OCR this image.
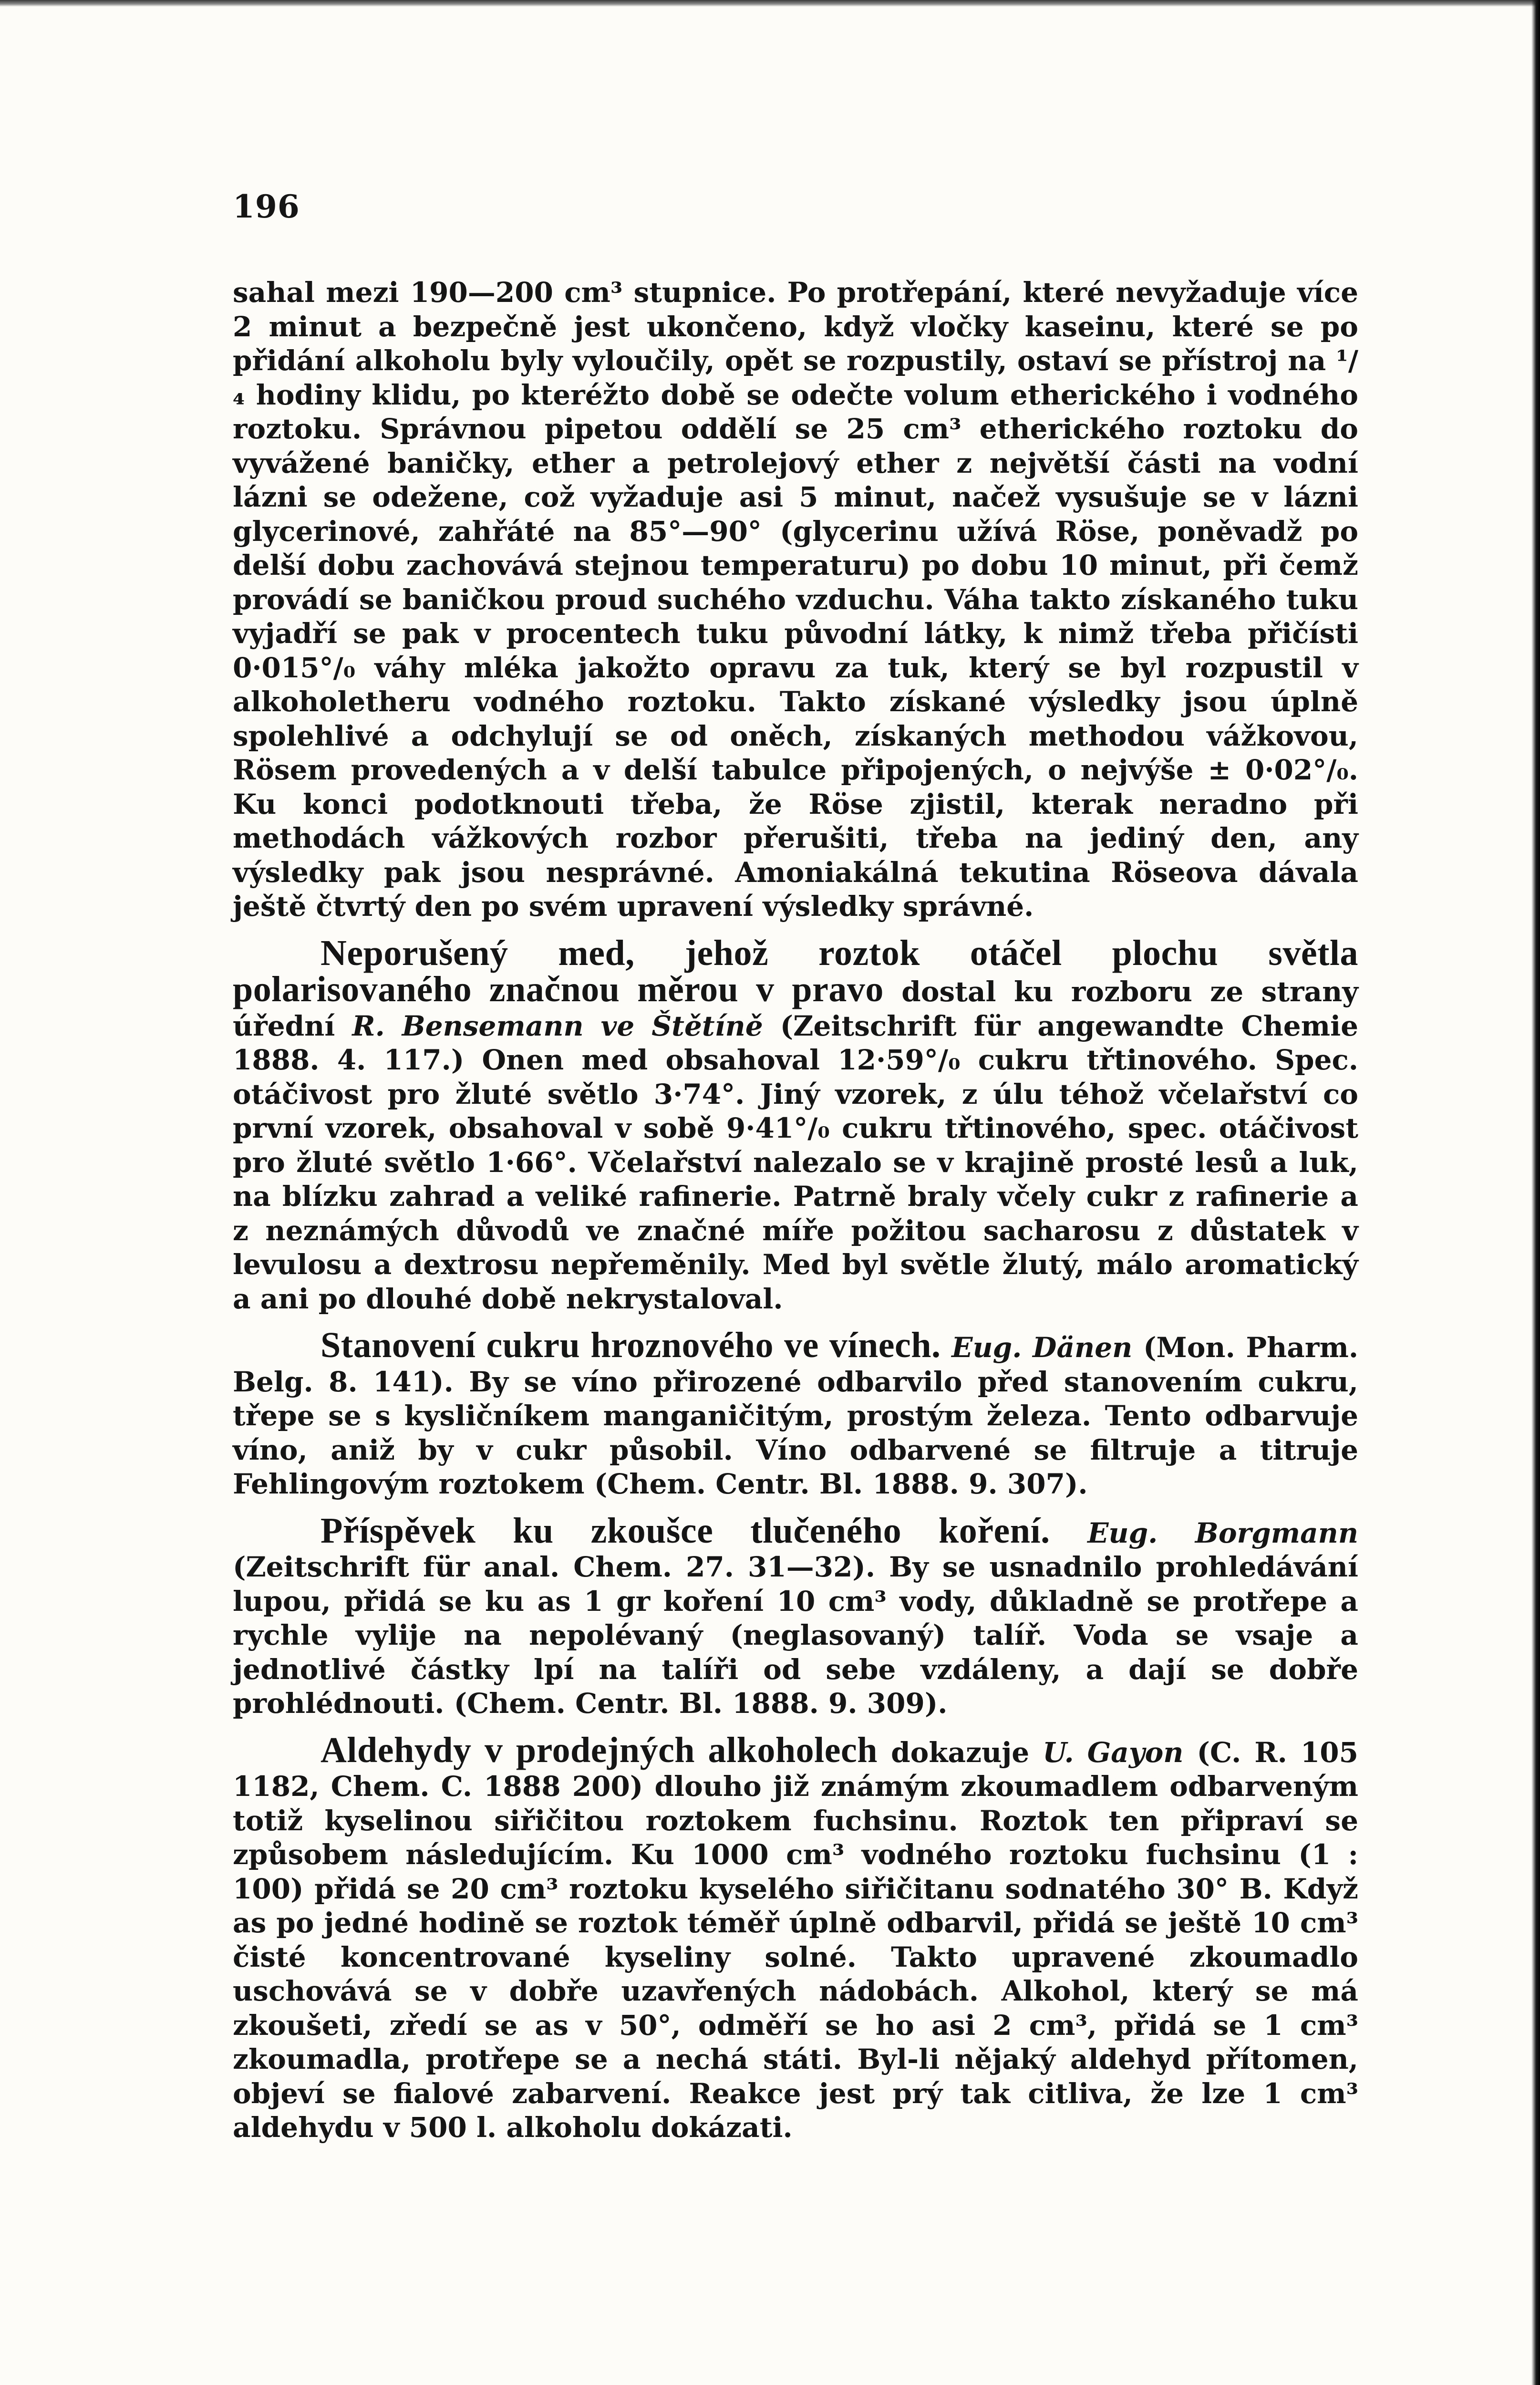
196

sahal mezi 190—200 cm³ stupnice. Po protřepání, které nevyžaduje více 2 minut a bezpečně jest ukončeno, když vločky kaseinu, které se po přidání alkoholu byly vyloučily, opět se rozpustily, ostaví se přístroj na ¹/₄ hodiny klidu, po kteréžto době se odečte volum etherického i vodného roztoku. Správnou pipetou oddělí se 25 cm³ etherického roztoku do vyvážené baničky, ether a petrolejový ether z největší části na vodní lázni se odežene, což vyžaduje asi 5 minut, načež vysušuje se v lázni glycerinové, zahřáté na 85°—90° (glycerinu užívá Röse, poněvadž po delší dobu zachovává stejnou temperaturu) po dobu 10 minut, při čemž provádí se baničkou proud suchého vzduchu. Váha takto získaného tuku vyjadří se pak v procentech tuku původní látky, k nimž třeba přičísti 0·015°/₀ váhy mléka jakožto opravu za tuk, který se byl rozpustil v alkoholetheru vodného roztoku. Takto získané výsledky jsou úplně spolehlivé a odchylují se od oněch, získaných methodou vážkovou, Rösem provedených a v delší tabulce připojených, o nejvýše ± 0·02°/₀. Ku konci podotknouti třeba, že Röse zjistil, kterak neradno při methodách vážkových rozbor přerušiti, třeba na jediný den, any výsledky pak jsou nesprávné. Amoniakálná tekutina Röseova dávala ještě čtvrtý den po svém upravení výsledky správné.

Neporušený med, jehož roztok otáčel plochu světla polarisovaného značnou měrou v pravo dostal ku rozboru ze strany úřední R. Bensemann ve Štětíně (Zeitschrift für angewandte Chemie 1888. 4. 117.) Onen med obsahoval 12·59°/₀ cukru třtinového. Spec. otáčivost pro žluté světlo 3·74°. Jiný vzorek, z úlu téhož včelařství co první vzorek, obsahoval v sobě 9·41°/₀ cukru třtinového, spec. otáčivost pro žluté světlo 1·66°. Včelařství nalezalo se v krajině prosté lesů a luk, na blízku zahrad a veliké rafinerie. Patrně braly včely cukr z rafinerie a z neznámých důvodů ve značné míře požitou sacharosu z důstatek v levulosu a dextrosu nepřeměnily. Med byl světle žlutý, málo aromatický a ani po dlouhé době nekrystaloval.

Stanovení cukru hroznového ve vínech. Eug. Dänen (Mon. Pharm. Belg. 8. 141). By se víno přirozené odbarvilo před stanovením cukru, třepe se s kysličníkem manganičitým, prostým železa. Tento odbarvuje víno, aniž by v cukr působil. Víno odbarvené se filtruje a titruje Fehlingovým roztokem (Chem. Centr. Bl. 1888. 9. 307).

Příspěvek ku zkoušce tlučeného koření. Eug. Borgmann (Zeitschrift für anal. Chem. 27. 31—32). By se usnadnilo prohledávání lupou, přidá se ku as 1 gr koření 10 cm³ vody, důkladně se protřepe a rychle vylije na nepolévaný (neglasovaný) talíř. Voda se vsaje a jednotlivé částky lpí na talíři od sebe vzdáleny, a dají se dobře prohlédnouti. (Chem. Centr. Bl. 1888. 9. 309).

Aldehydy v prodejných alkoholech dokazuje U. Gayon (C. R. 105 1182, Chem. C. 1888 200) dlouho již známým zkoumadlem odbarveným totiž kyselinou siřičitou roztokem fuchsinu. Roztok ten připraví se způsobem následujícím. Ku 1000 cm³ vodného roztoku fuchsinu (1 : 100) přidá se 20 cm³ roztoku kyselého siřičitanu sodnatého 30° B. Když as po jedné hodině se roztok téměř úplně odbarvil, přidá se ještě 10 cm³ čisté koncentrované kyseliny solné. Takto upravené zkoumadlo uschovává se v dobře uzavřených nádobách. Alkohol, který se má zkoušeti, zředí se as v 50°, odměří se ho asi 2 cm³, přidá se 1 cm³ zkoumadla, protřepe se a nechá státi. Byl-li nějaký aldehyd přítomen, objeví se fialové zabarvení. Reakce jest prý tak citliva, že lze 1 cm³ aldehydu v 500 l. alkoholu dokázati.
